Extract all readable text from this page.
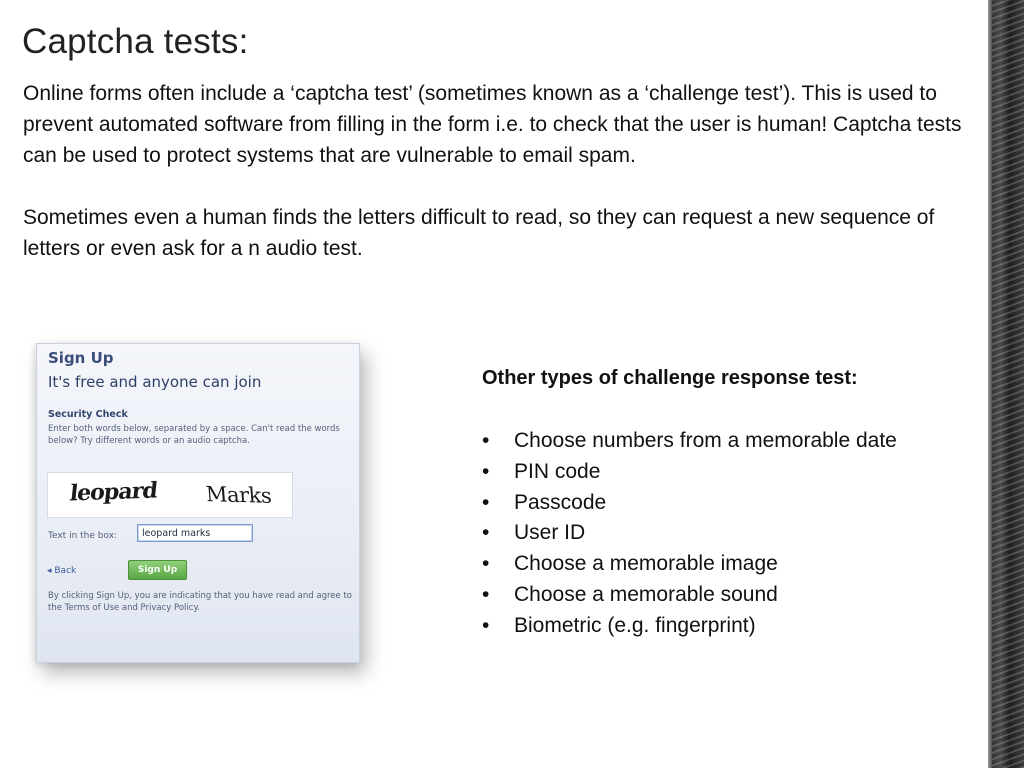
Captcha tests:

Online forms often include a ‘captcha test’ (sometimes known as a ‘challenge test’). This is used to prevent automated software from filling in the form i.e. to check that the user is human! Captcha tests can be used to protect systems that are vulnerable to email spam.

Sometimes even a human finds the letters difficult to read, so they can request a new sequence of letters or even ask for a n audio test.

Sign Up
It's free and anyone can join
Security Check
Enter both words below, separated by a space. Can't read the words below? Try different words or an audio captcha.
leopard Marks
Text in the box:	leopard marks
◂ Back	Sign Up
By clicking Sign Up, you are indicating that you have read and agree to the Terms of Use and Privacy Policy.
Other types of challenge response test:
•	Choose numbers from a memorable date
•	PIN code
•	Passcode
•	User ID
•	Choose a memorable image
•	Choose a memorable sound
•	Biometric (e.g. fingerprint)
